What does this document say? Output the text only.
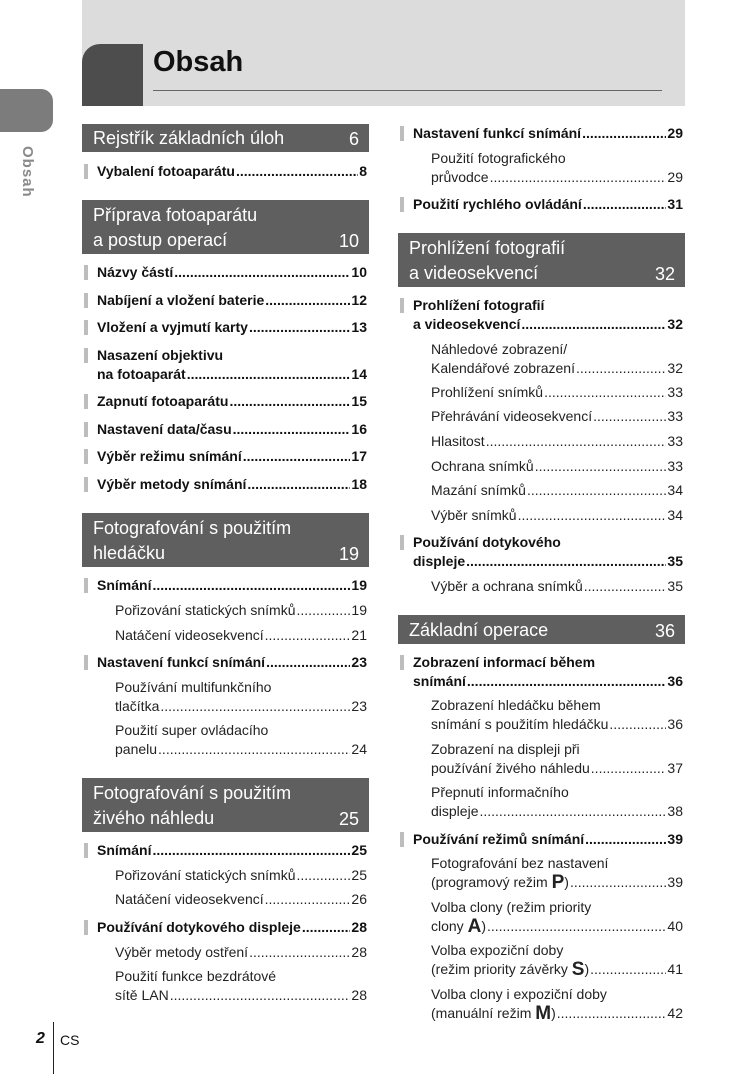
Obsah
Obsah
Rejstřík základních úloh	6
Vybalení fotoaparátu .....	8
Příprava fotoaparátu
a postup operací	10
Názvy částí .....	10
Nabíjení a vložení baterie .....	12
Vložení a vyjmutí karty .....	13
Nasazení objektivu
na fotoaparát .....	14
Zapnutí fotoaparátu .....	15
Nastavení data/času .....	16
Výběr režimu snímání .....	17
Výběr metody snímání .....	18
Fotografování s použitím
hledáčku	19
Snímání .....	19
Pořizování statických snímků .....	19
Natáčení videosekvencí .....	21
Nastavení funkcí snímání .....	23
Používání multifunkčního
tlačítka .....	23
Použití super ovládacího
panelu .....	24
Fotografování s použitím
živého náhledu	25
Snímání .....	25
Pořizování statických snímků .....	25
Natáčení videosekvencí .....	26
Používání dotykového displeje .....	28
Výběr metody ostření .....	28
Použití funkce bezdrátové
sítě LAN .....	28
Nastavení funkcí snímání .....	29
Použití fotografického
průvodce .....	29
Použití rychlého ovládání .....	31
Prohlížení fotografií
a videosekvencí	32
Prohlížení fotografií
a videosekvencí .....	32
Náhledové zobrazení/
Kalendářové zobrazení .....	32
Prohlížení snímků .....	33
Přehrávání videosekvencí .....	33
Hlasitost .....	33
Ochrana snímků .....	33
Mazání snímků .....	34
Výběr snímků .....	34
Používání dotykového
displeje .....	35
Výběr a ochrana snímků .....	35
Základní operace	36
Zobrazení informací během
snímání .....	36
Zobrazení hledáčku během
snímání s použitím hledáčku .....	36
Zobrazení na displeji při
používání živého náhledu .....	37
Přepnutí informačního
displeje .....	38
Používání režimů snímání .....	39
Fotografování bez nastavení
(programový režim
P ) .....	39
Volba clony (režim priority
clony
A ) .....	40
Volba expoziční doby
(režim priority závěrky
S ) .....	41
Volba clony i expoziční doby
(manuální režim
M ) .....	42
2 CS
